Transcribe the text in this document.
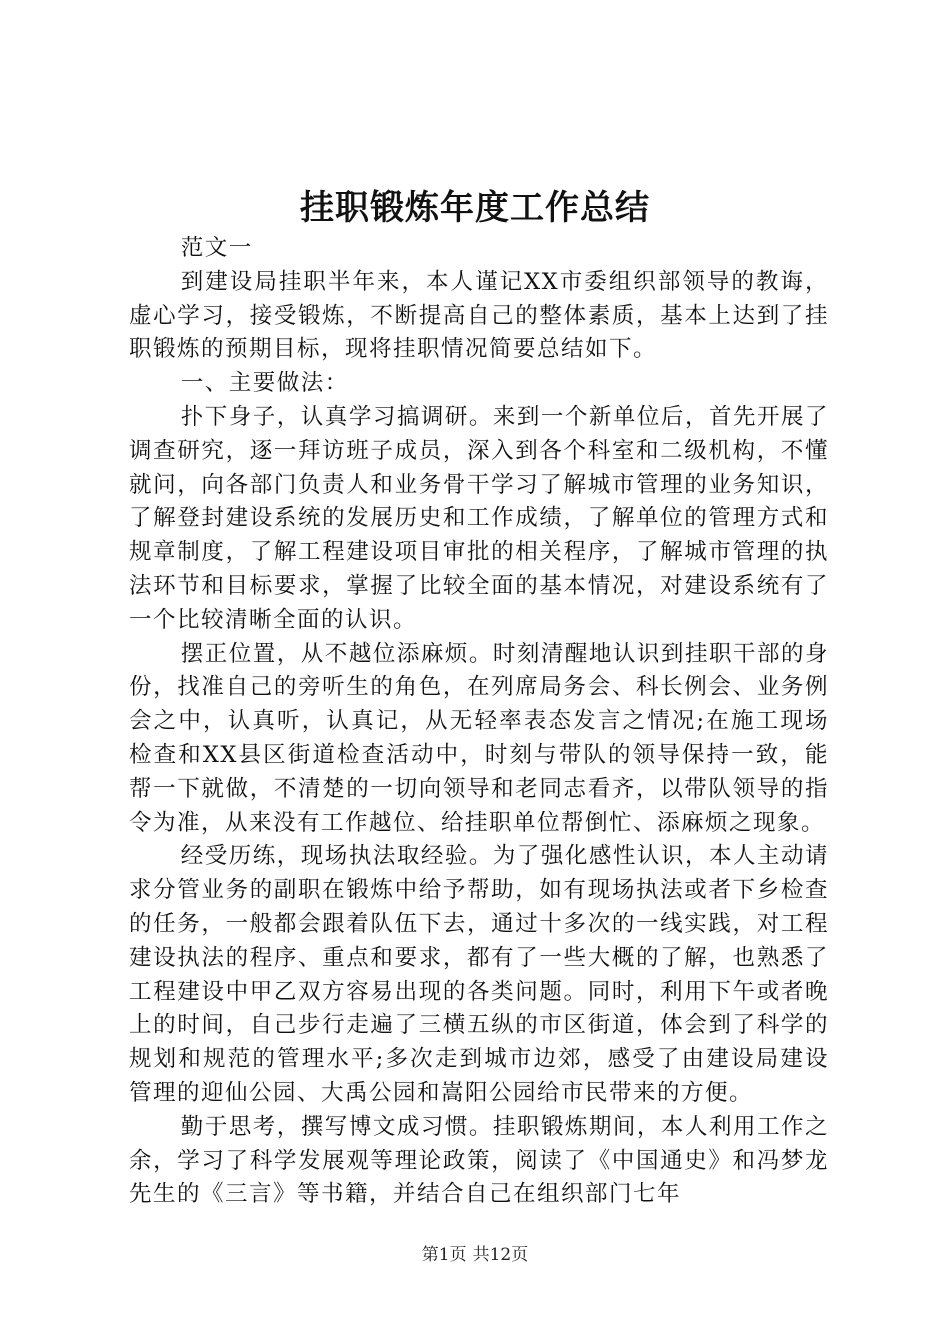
挂职锻炼年度工作总结

范文一

到建设局挂职半年来，本人谨记XX市委组织部领导的教诲，虚心学习，接受锻炼，不断提高自己的整体素质，基本上达到了挂职锻炼的预期目标，现将挂职情况简要总结如下。

一、主要做法：

扑下身子，认真学习搞调研。来到一个新单位后，首先开展了调查研究，逐一拜访班子成员，深入到各个科室和二级机构，不懂就问，向各部门负责人和业务骨干学习了解城市管理的业务知识，了解登封建设系统的发展历史和工作成绩，了解单位的管理方式和规章制度，了解工程建设项目审批的相关程序，了解城市管理的执法环节和目标要求，掌握了比较全面的基本情况，对建设系统有了一个比较清晰全面的认识。

摆正位置，从不越位添麻烦。时刻清醒地认识到挂职干部的身份，找准自己的旁听生的角色，在列席局务会、科长例会、业务例会之中，认真听，认真记，从无轻率表态发言之情况;在施工现场检查和XX县区街道检查活动中，时刻与带队的领导保持一致，能帮一下就做，不清楚的一切向领导和老同志看齐，以带队领导的指令为准，从来没有工作越位、给挂职单位帮倒忙、添麻烦之现象。

经受历练，现场执法取经验。为了强化感性认识，本人主动请求分管业务的副职在锻炼中给予帮助，如有现场执法或者下乡检查的任务，一般都会跟着队伍下去，通过十多次的一线实践，对工程建设执法的程序、重点和要求，都有了一些大概的了解，也熟悉了工程建设中甲乙双方容易出现的各类问题。同时，利用下午或者晚上的时间，自己步行走遍了三横五纵的市区街道，体会到了科学的规划和规范的管理水平;多次走到城市边郊，感受了由建设局建设管理的迎仙公园、大禹公园和嵩阳公园给市民带来的方便。

勤于思考，撰写博文成习惯。挂职锻炼期间，本人利用工作之余，学习了科学发展观等理论政策，阅读了《中国通史》和冯梦龙先生的《三言》等书籍，并结合自己在组织部门七年

第1页 共12页
